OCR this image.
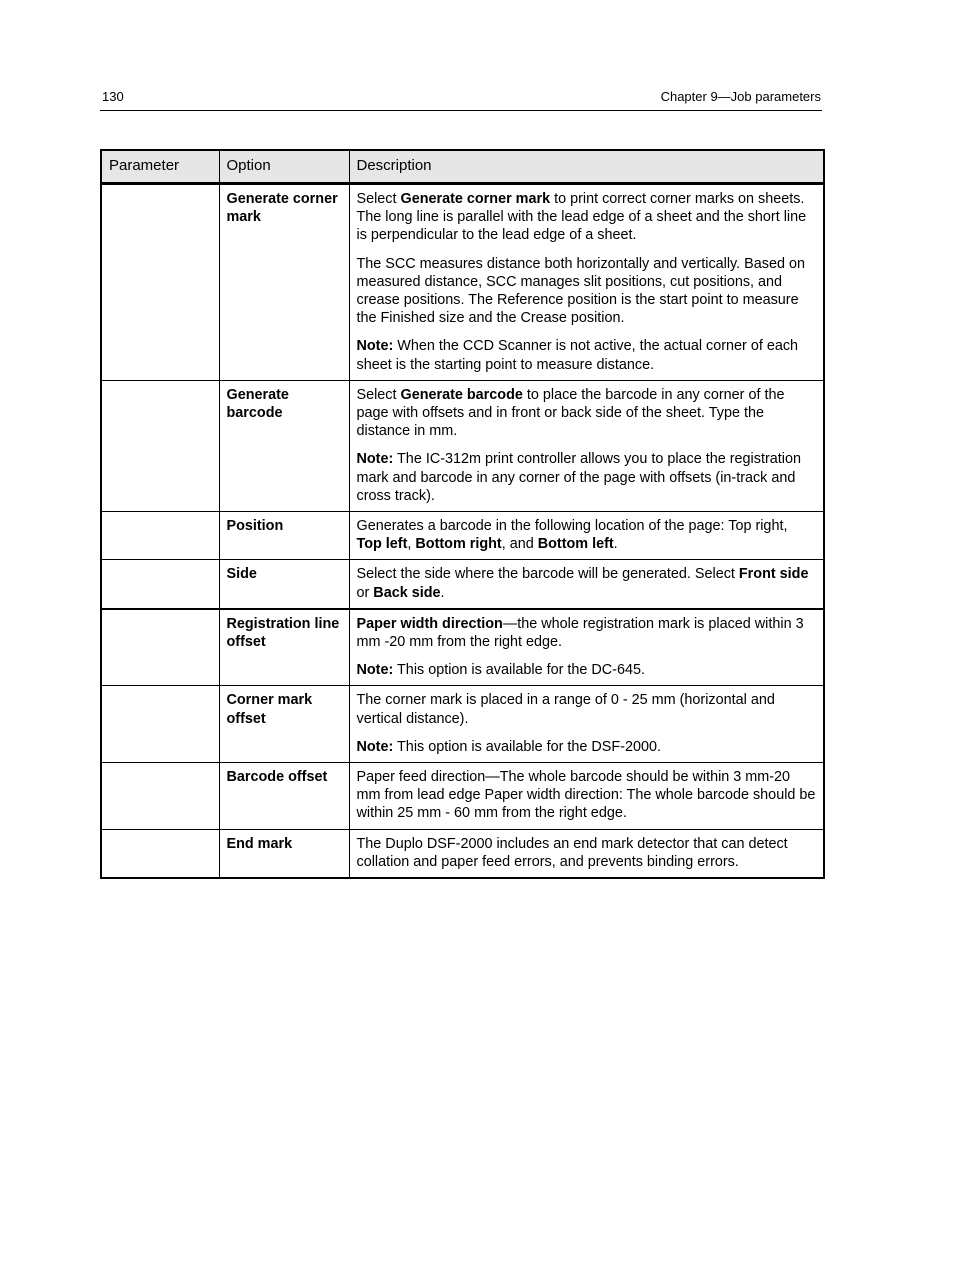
130	Chapter 9—Job parameters
Parameter	Option	Description
	Generate corner mark	Select Generate corner mark to print correct corner marks on sheets. The long line is parallel with the lead edge of a sheet and the short line is perpendicular to the lead edge of a sheet.
The SCC measures distance both horizontally and vertically. Based on measured distance, SCC manages slit positions, cut positions, and crease positions. The Reference position is the start point to measure the Finished size and the Crease position.
Note: When the CCD Scanner is not active, the actual corner of each sheet is the starting point to measure distance.

	Generate barcode	Select Generate barcode to place the barcode in any corner of the page with offsets and in front or back side of the sheet. Type the distance in mm.
Note: The IC-312m print controller allows you to place the registration mark and barcode in any corner of the page with offsets (in-track and cross track).

	Position	Generates a barcode in the following location of the page: Top right, Top left, Bottom right, and Bottom left.

	Side	Select the side where the barcode will be generated. Select Front side or Back side.

	Registration line offset	Paper width direction—the whole registration mark is placed within 3 mm -20 mm from the right edge.
Note: This option is available for the DC-645.

	Corner mark offset	The corner mark is placed in a range of 0 - 25 mm (horizontal and vertical distance).
Note: This option is available for the DSF-2000.

	Barcode offset	Paper feed direction—The whole barcode should be within 3 mm-20 mm from lead edge Paper width direction: The whole barcode should be within 25 mm - 60 mm from the right edge.

	End mark	The Duplo DSF-2000 includes an end mark detector that can detect collation and paper feed errors, and prevents binding errors.
